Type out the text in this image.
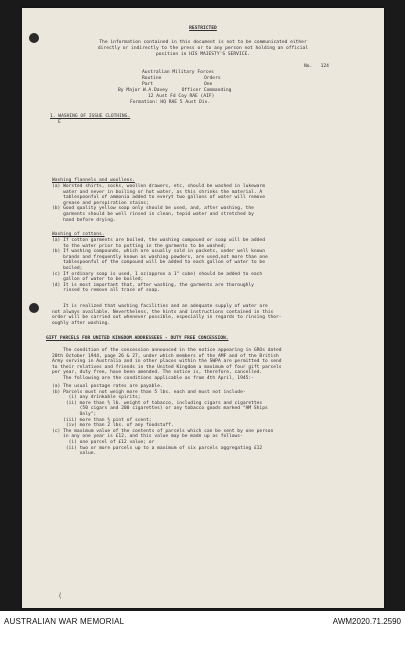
RESTRICTED
The information contained in this document is not to be communicated either
directly or indirectly to the press or to any person not holding an official
position in HIS MAJESTY'S SERVICE.
No. 124
Australian Military Forces
Routine	Orders
Part	One
By Major W.A.Davey	Officer Commanding
12 Aust Fd Coy RAE (AIF)
Formation: HQ RAE 5 Aust Div.
1. WASHING OF ISSUE CLOTHING.
E

Washing flannels and woollens.
(a) Worsted shirts, socks, woollen drawers, etc, should be washed in lukewarm
water and never in boiling or hot water, as this shrinks the material. A
tablespoonful of ammonia added to everyt two gallons of water will remove
grease and perspiration stains;
(b) Good quality yellow soap only should be used, and, after washing, the
garments should be well rinsed in clean, tepid water and stretched by
hand before drying.
Washing of cottons.
(a) If cotton garments are boiled, the washing compound or soap will be added
to the water prior to putting in the garments to be washed;
(b) If washing compounds, which are usually sold in packets, under well known
brands and frequently known as washing powders, are used,not more than one
tablespoonful of the compound will be added to each gallon of water to be
boiled;
(c) If ordinary soap is used, 1 oz(approx a 1" cube) should be added to each
gallon of water to be boiled;
(d) It is most important that, after washing, the garments are thoroughly
rinsed to remove all trace of soap.
It is realized that washing facilities and an adequate supply of water are
not always available. Nevertheless, the hints and instructions contained in this
order will be carried out whenever possible, especially in regards to rinsing thor-
oughly after washing.
GIFT PARCELS FOR UNITED KINGDOM ADDRESSEES - DUTY FREE CONCESSION.
The condition of the concession announced in the notice appearing in GROs dated
20th October 1944, page 26 & 27, under which members of the AMF and of the British
Army serving in Australia and in other places within the SWPA are permitted to send
to their relatives and friends in the United Kingdom a maximum of four gift parcels
per year, duty free, have been amended. The notice is, therefore, cancelled.
The following are the conditions applicable as from 4th April, 1945:-
(a) The usual postage rates are payable.
(b) Parcels must not weigh more than 5 lbs. each and must not include-
(i) any drinkable spirits;
(ii) more than ½ lb. weight of tobacco, including cigars and cigarettes
(50 cigars and 200 cigarettes) or any tobacco goods marked "HM Ships
Only";
(iii) more than ½ pint of scent;
(iv) more than 2 lbs. of any foodstuff.
(c) The maximum value of the contents of parcels which can be sent by one person
in any one year is £12, and this value may be made up as follows-
(i) one parcel of £12 value; or
(ii) two or more parcels up to a maximum of six parcels aggregating £12
value.
(
AUSTRALIAN WAR MEMORIAL	AWM2020.71.2590
